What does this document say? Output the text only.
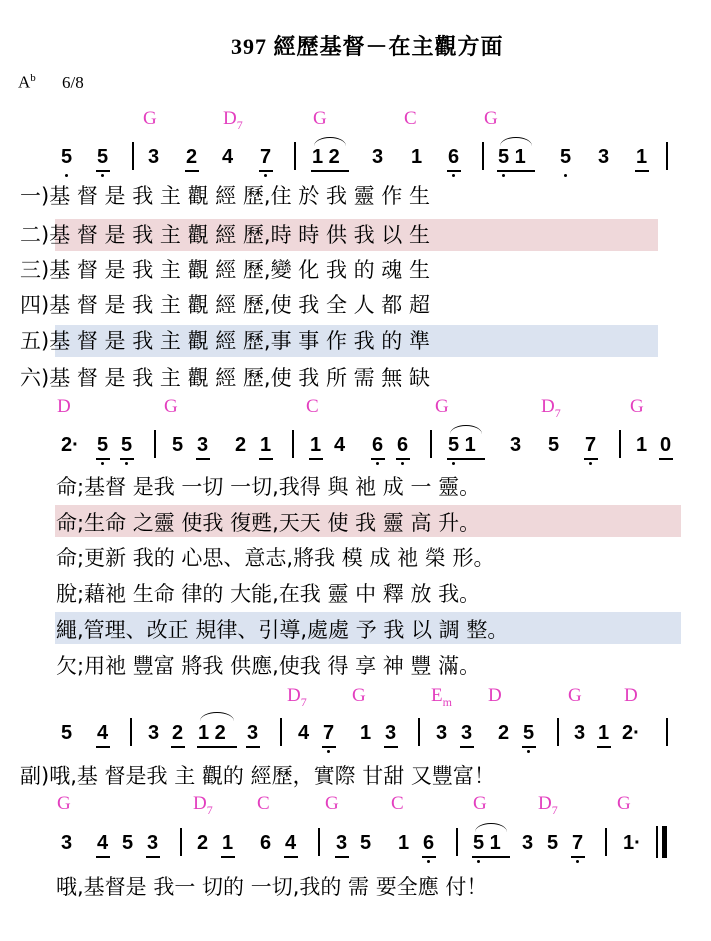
397 經歷基督－在主觀方面
$A^b$ 6/8
G	$D_7$	G	C	G
5 5 3 2 4 7 1 2 3 1 6 5 1 5 3 1
一)基 督 是 我 主 觀 經 歷,住 於 我 靈 作 生
二)基 督 是 我 主 觀 經 歷,時 時 供 我 以 生
三)基 督 是 我 主 觀 經 歷,變 化 我 的 魂 生
四)基 督 是 我 主 觀 經 歷,使 我 全 人 都 超
五)基 督 是 我 主 觀 經 歷,事 事 作 我 的 準
六)基 督 是 我 主 觀 經 歷,使 我 所 需 無 缺
D	G	C	G	$D_7$	G
2· 5 5 5 3 2 1 1 4 6 6 5 1 3 5 7 1 0
命;基督 是我 一切 一切,我得 與 祂 成 一 靈。
命;生命 之靈 使我 復甦,天天 使 我 靈 高 升。
命;更新 我的 心思、意志,將我 模 成 祂 榮 形。
脫;藉祂 生命 律的 大能,在我 靈 中 釋 放 我。
繩,管理、改正 規律、引導,處處 予 我 以 調 整。
欠;用祂 豐富 將我 供應,使我 得 享 神 豐 滿。
$D_7$ G	$E_m$ D	G D
5 4 3 2 1 2 3 4 7 1 3 3 3 2 5 3 1 2·
副)哦,基 督是我 主 觀的 經歷，實際 甘甜 又豐富！
G	$D_7$ C	G	C	G	$D_7$	G
3 4 5 3 2 1 6 4 3 5 1 6 5 1 3 5 7 1·
哦,基督是 我一 切的 一切,我的 需 要全應 付！
